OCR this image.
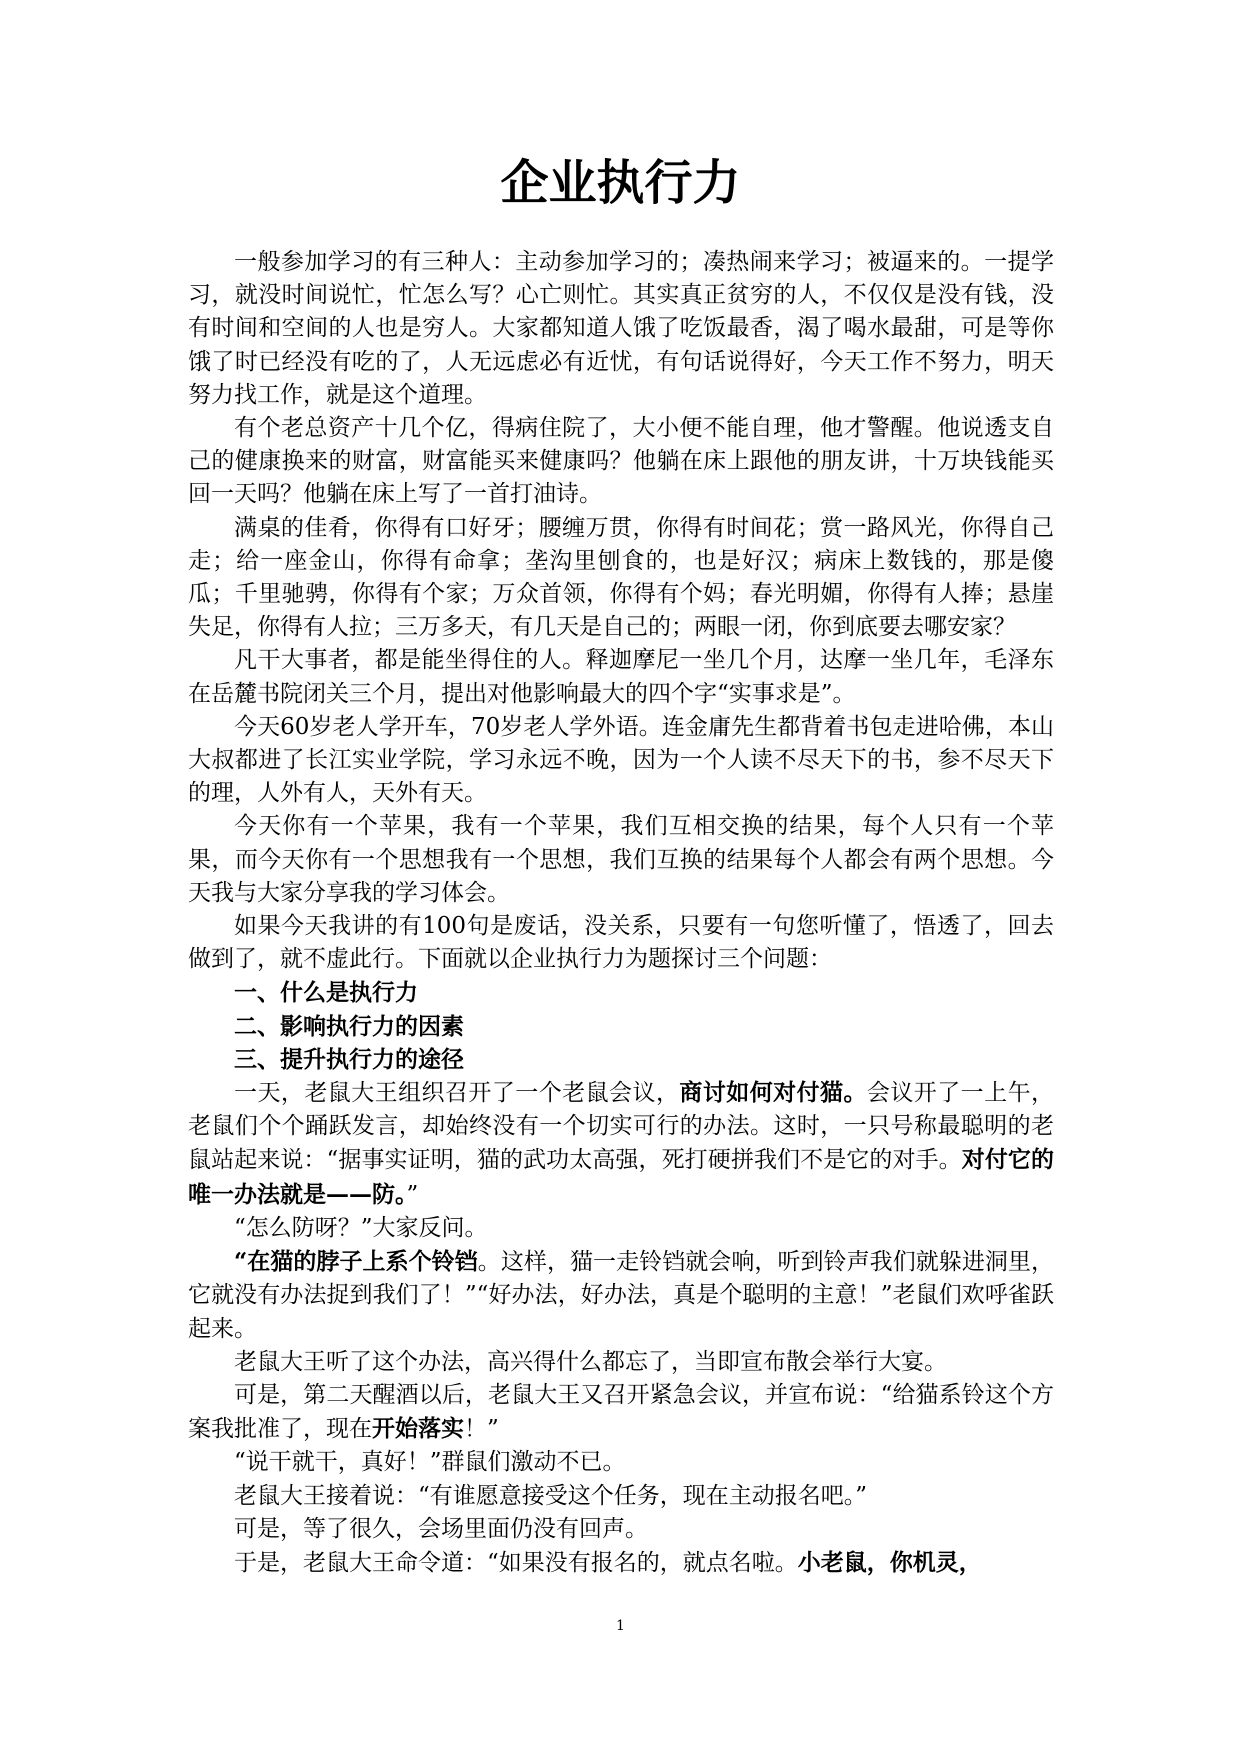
企业执行力

一般参加学习的有三种人：主动参加学习的；凑热闹来学习；被逼来的。一提学习，就没时间说忙，忙怎么写？心亡则忙。其实真正贫穷的人，不仅仅是没有钱，没有时间和空间的人也是穷人。大家都知道人饿了吃饭最香，渴了喝水最甜，可是等你饿了时已经没有吃的了，人无远虑必有近忧，有句话说得好，今天工作不努力，明天努力找工作，就是这个道理。

有个老总资产十几个亿，得病住院了，大小便不能自理，他才警醒。他说透支自己的健康换来的财富，财富能买来健康吗？他躺在床上跟他的朋友讲，十万块钱能买回一天吗？他躺在床上写了一首打油诗。

满桌的佳肴，你得有口好牙；腰缠万贯，你得有时间花；赏一路风光，你得自己走；给一座金山，你得有命拿；垄沟里刨食的，也是好汉；病床上数钱的，那是傻瓜；千里驰骋，你得有个家；万众首领，你得有个妈；春光明媚，你得有人捧；悬崖失足，你得有人拉；三万多天，有几天是自己的；两眼一闭，你到底要去哪安家？

凡干大事者，都是能坐得住的人。释迦摩尼一坐几个月，达摩一坐几年，毛泽东在岳麓书院闭关三个月，提出对他影响最大的四个字“实事求是”。

今天60岁老人学开车，70岁老人学外语。连金庸先生都背着书包走进哈佛，本山大叔都进了长江实业学院，学习永远不晚，因为一个人读不尽天下的书，参不尽天下的理，人外有人，天外有天。

今天你有一个苹果，我有一个苹果，我们互相交换的结果，每个人只有一个苹果，而今天你有一个思想我有一个思想，我们互换的结果每个人都会有两个思想。今天我与大家分享我的学习体会。

如果今天我讲的有100句是废话，没关系，只要有一句您听懂了，悟透了，回去做到了，就不虚此行。下面就以企业执行力为题探讨三个问题：

一、什么是执行力

二、影响执行力的因素

三、提升执行力的途径

一天，老鼠大王组织召开了一个老鼠会议，商讨如何对付猫。会议开了一上午，老鼠们个个踊跃发言，却始终没有一个切实可行的办法。这时，一只号称最聪明的老鼠站起来说：“据事实证明，猫的武功太高强，死打硬拼我们不是它的对手。对付它的唯一办法就是——防。”

“怎么防呀？”大家反问。

“在猫的脖子上系个铃铛。这样，猫一走铃铛就会响，听到铃声我们就躲进洞里，它就没有办法捉到我们了！”“好办法，好办法，真是个聪明的主意！”老鼠们欢呼雀跃起来。

老鼠大王听了这个办法，高兴得什么都忘了，当即宣布散会举行大宴。

可是，第二天醒酒以后，老鼠大王又召开紧急会议，并宣布说：“给猫系铃这个方案我批准了，现在开始落实！”

“说干就干，真好！”群鼠们激动不已。

老鼠大王接着说：“有谁愿意接受这个任务，现在主动报名吧。”

可是，等了很久，会场里面仍没有回声。

于是，老鼠大王命令道：“如果没有报名的，就点名啦。小老鼠，你机灵，

1
